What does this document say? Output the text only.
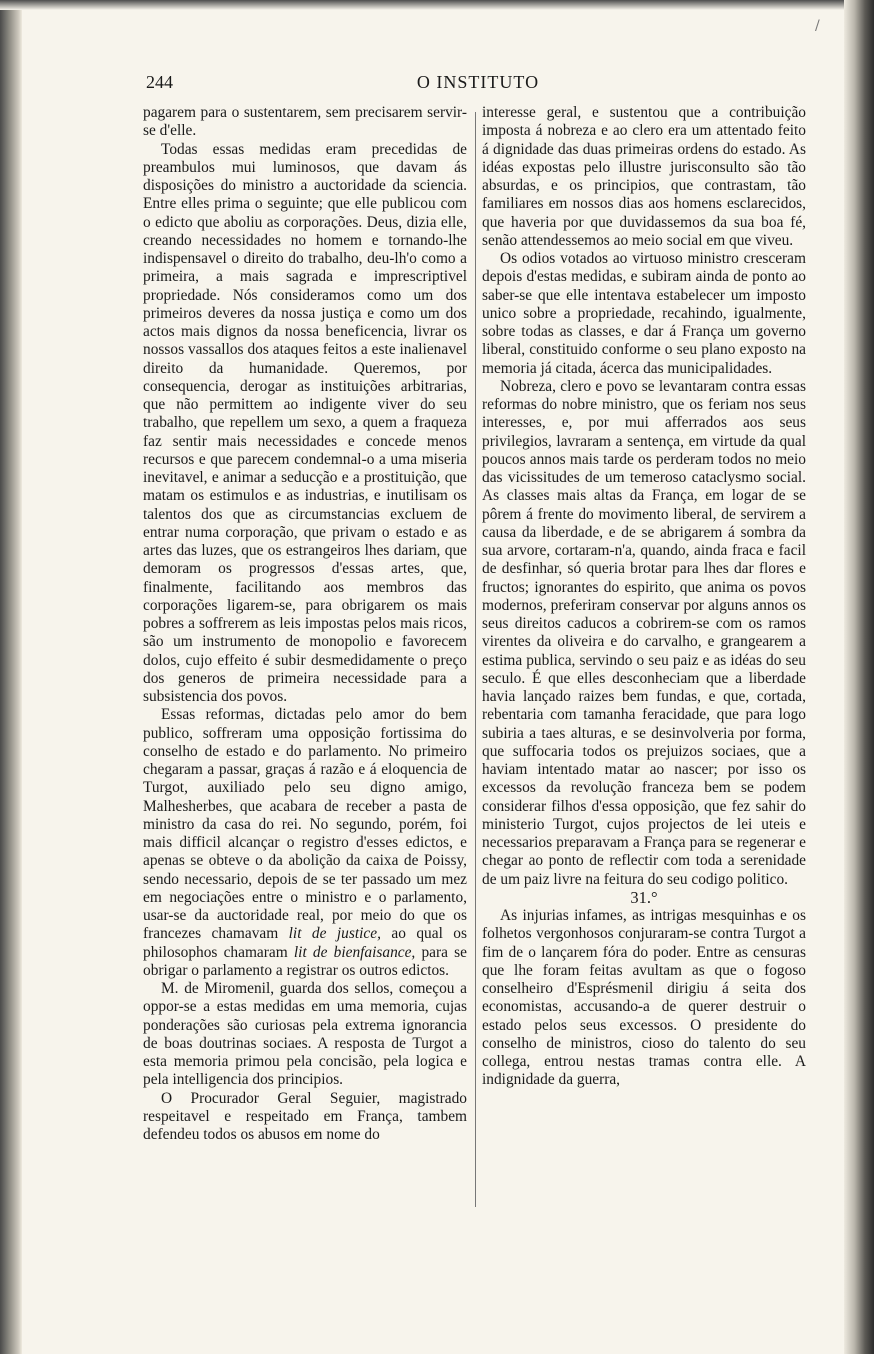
/
244	O INSTITUTO

pagarem para o sustentarem, sem precisarem servir-se d'elle.

Todas essas medidas eram precedidas de preambulos mui luminosos, que davam ás disposições do ministro a auctoridade da sciencia. Entre elles prima o seguinte; que elle publicou com o edicto que aboliu as corporações. Deus, dizia elle, creando necessidades no homem e tornando-lhe indispensavel o direito do trabalho, deu-lh'o como a primeira, a mais sagrada e imprescriptivel propriedade. Nós consideramos como um dos primeiros deveres da nossa justiça e como um dos actos mais dignos da nossa beneficencia, livrar os nossos vassallos dos ataques feitos a este inalienavel direito da humanidade. Queremos, por consequencia, derogar as instituições arbitrarias, que não permittem ao indigente viver do seu trabalho, que repellem um sexo, a quem a fraqueza faz sentir mais necessidades e concede menos recursos e que parecem condemnal-o a uma miseria inevitavel, e animar a seducção e a prostituição, que matam os estimulos e as industrias, e inutilisam os talentos dos que as circumstancias excluem de entrar numa corporação, que privam o estado e as artes das luzes, que os estrangeiros lhes dariam, que demoram os progressos d'essas artes, que, finalmente, facilitando aos membros das corporações ligarem-se, para obrigarem os mais pobres a soffrerem as leis impostas pelos mais ricos, são um instrumento de monopolio e favorecem dolos, cujo effeito é subir desmedidamente o preço dos generos de primeira necessidade para a subsistencia dos povos.

Essas reformas, dictadas pelo amor do bem publico, soffreram uma opposição fortissima do conselho de estado e do parlamento. No primeiro chegaram a passar, graças á razão e á eloquencia de Turgot, auxiliado pelo seu digno amigo, Malhesherbes, que acabara de receber a pasta de ministro da casa do rei. No segundo, porém, foi mais difficil alcançar o registro d'esses edictos, e apenas se obteve o da abolição da caixa de Poissy, sendo necessario, depois de se ter passado um mez em negociações entre o ministro e o parlamento, usar-se da auctoridade real, por meio do que os francezes chamavam lit de justice, ao qual os philosophos chamaram lit de bienfaisance, para se obrigar o parlamento a registrar os outros edictos.

M. de Miromenil, guarda dos sellos, começou a oppor-se a estas medidas em uma memoria, cujas ponderações são curiosas pela extrema ignorancia de boas doutrinas sociaes. A resposta de Turgot a esta memoria primou pela concisão, pela logica e pela intelligencia dos principios.

O Procurador Geral Seguier, magistrado respeitavel e respeitado em França, tambem defendeu todos os abusos em nome do

interesse geral, e sustentou que a contribuição imposta á nobreza e ao clero era um attentado feito á dignidade das duas primeiras ordens do estado. As idéas expostas pelo illustre jurisconsulto são tão absurdas, e os principios, que contrastam, tão familiares em nossos dias aos homens esclarecidos, que haveria por que duvidassemos da sua boa fé, senão attendessemos ao meio social em que viveu.

Os odios votados ao virtuoso ministro cresceram depois d'estas medidas, e subiram ainda de ponto ao saber-se que elle intentava estabelecer um imposto unico sobre a propriedade, recahindo, igualmente, sobre todas as classes, e dar á França um governo liberal, constituido conforme o seu plano exposto na memoria já citada, ácerca das municipalidades.

Nobreza, clero e povo se levantaram contra essas reformas do nobre ministro, que os feriam nos seus interesses, e, por mui afferrados aos seus privilegios, lavraram a sentença, em virtude da qual poucos annos mais tarde os perderam todos no meio das vicissitudes de um temeroso cataclysmo social. As classes mais altas da França, em logar de se pôrem á frente do movimento liberal, de servirem a causa da liberdade, e de se abrigarem á sombra da sua arvore, cortaram-n'a, quando, ainda fraca e facil de desfinhar, só queria brotar para lhes dar flores e fructos; ignorantes do espirito, que anima os povos modernos, preferiram conservar por alguns annos os seus direitos caducos a cobrirem-se com os ramos virentes da oliveira e do carvalho, e grangearem a estima publica, servindo o seu paiz e as idéas do seu seculo. É que elles desconheciam que a liberdade havia lançado raizes bem fundas, e que, cortada, rebentaria com tamanha feracidade, que para logo subiria a taes alturas, e se desinvolveria por forma, que suffocaria todos os prejuizos sociaes, que a haviam intentado matar ao nascer; por isso os excessos da revolução franceza bem se podem considerar filhos d'essa opposição, que fez sahir do ministerio Turgot, cujos projectos de lei uteis e necessarios preparavam a França para se regenerar e chegar ao ponto de reflectir com toda a serenidade de um paiz livre na feitura do seu codigo politico.

31.°

As injurias infames, as intrigas mesquinhas e os folhetos vergonhosos conjuraram-se contra Turgot a fim de o lançarem fóra do poder. Entre as censuras que lhe foram feitas avultam as que o fogoso conselheiro d'Esprésmenil dirigiu á seita dos economistas, accusando-a de querer destruir o estado pelos seus excessos. O presidente do conselho de ministros, cioso do talento do seu collega, entrou nestas tramas contra elle. A indignidade da guerra,
